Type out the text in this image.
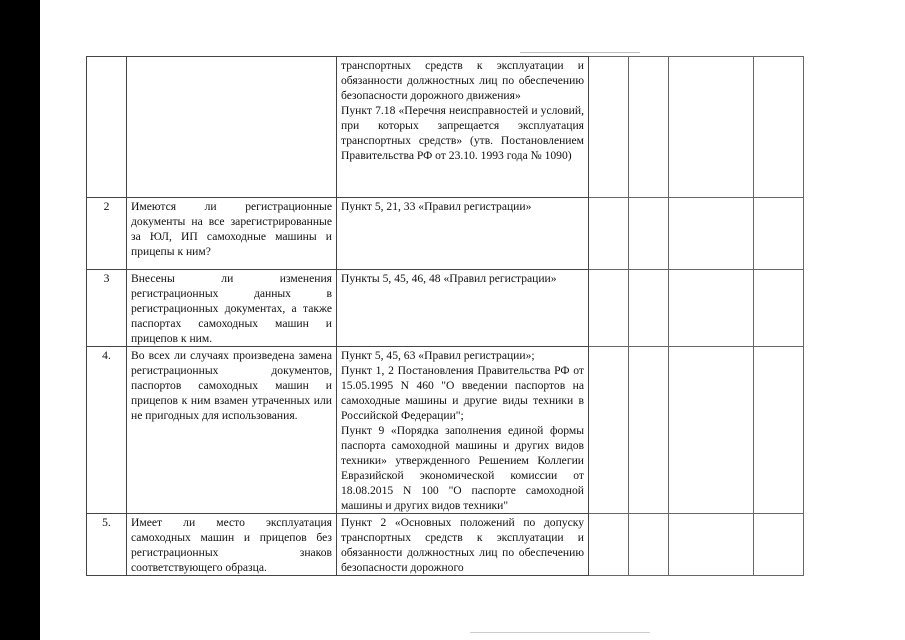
		транспортных средств к эксплуатации и обязанности должностных лиц по обеспечению безопасности дорожного движения»
Пункт 7.18 «Перечня неисправностей и условий, при которых запрещается эксплуатация транспортных средств» (утв. Постановлением Правительства РФ от 23.10. 1993 года № 1090)				

2	Имеются ли регистрационные документы на все зарегистрированные за ЮЛ, ИП самоходные машины и прицепы к ним?	Пункт 5, 21, 33 «Правил регистрации»				

3	Внесены ли изменения регистрационных данных в регистрационных документах, а также паспортах самоходных машин и прицепов к ним.	Пункты 5, 45, 46, 48 «Правил регистрации»				

4.	Во всех ли случаях произведена замена регистрационных документов, паспортов самоходных машин и прицепов к ним взамен утраченных или не пригодных для использования.	Пункт 5, 45, 63 «Правил регистрации»;
Пункт 1, 2 Постановления Правительства РФ от 15.05.1995 N 460 "О введении паспортов на самоходные машины и другие виды техники в Российской Федерации";
Пункт 9 «Порядка заполнения единой формы паспорта самоходной машины и других видов техники» утвержденного Решением Коллегии Евразийской экономической комиссии от 18.08.2015 N 100 "О паспорте самоходной машины и других видов техники"				

5.	Имеет ли место эксплуатация самоходных машин и прицепов без регистрационных знаков соответствующего образца.	Пункт 2 «Основных положений по допуску транспортных средств к эксплуатации и обязанности должностных лиц по обеспечению безопасности дорожного				
